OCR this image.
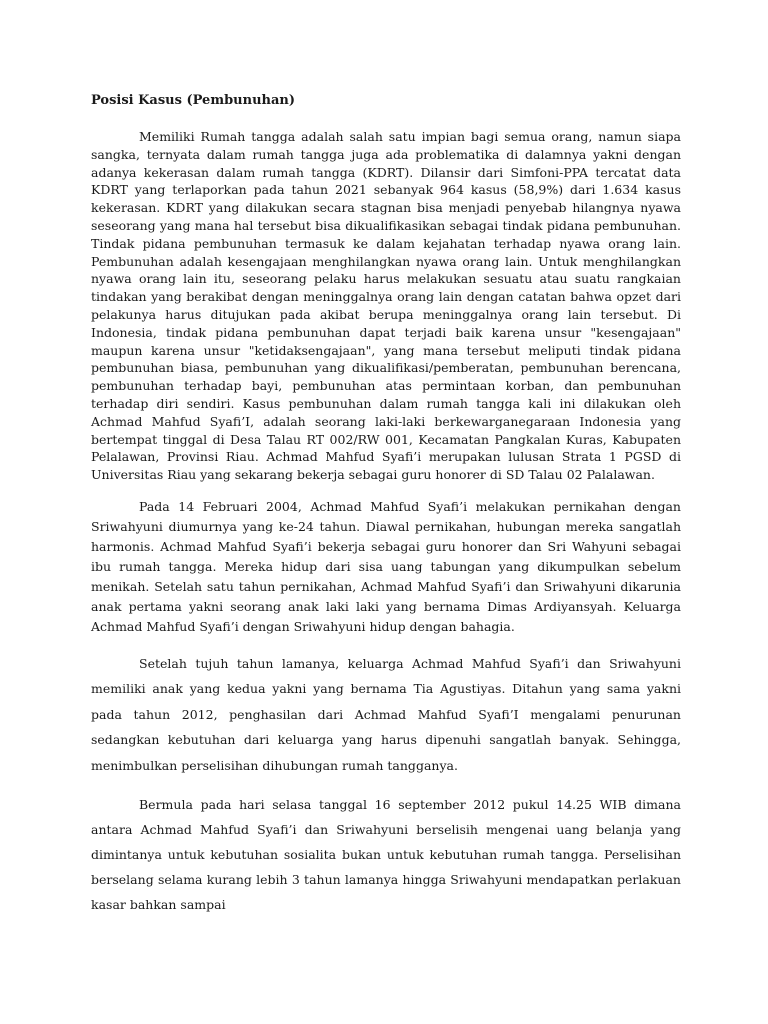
Posisi Kasus (Pembunuhan)

Memiliki Rumah tangga adalah salah satu impian bagi semua orang, namun siapa sangka, ternyata dalam rumah tangga juga ada problematika di dalamnya yakni dengan adanya kekerasan dalam rumah tangga (KDRT). Dilansir dari Simfoni-PPA tercatat data KDRT yang terlaporkan pada tahun 2021 sebanyak 964 kasus (58,9%) dari 1.634 kasus kekerasan. KDRT yang dilakukan secara stagnan bisa menjadi penyebab hilangnya nyawa seseorang yang mana hal tersebut bisa dikualifikasikan sebagai tindak pidana pembunuhan. Tindak pidana pembunuhan termasuk ke dalam kejahatan terhadap nyawa orang lain. Pembunuhan adalah kesengajaan menghilangkan nyawa orang lain. Untuk menghilangkan nyawa orang lain itu, seseorang pelaku harus melakukan sesuatu atau suatu rangkaian tindakan yang berakibat dengan meninggalnya orang lain dengan catatan bahwa opzet dari pelakunya harus ditujukan pada akibat berupa meninggalnya orang lain tersebut. Di Indonesia, tindak pidana pembunuhan dapat terjadi baik karena unsur "kesengajaan" maupun karena unsur "ketidaksengajaan", yang mana tersebut meliputi tindak pidana pembunuhan biasa, pembunuhan yang dikualifikasi/pemberatan, pembunuhan berencana, pembunuhan terhadap bayi, pembunuhan atas permintaan korban, dan pembunuhan terhadap diri sendiri. Kasus pembunuhan dalam rumah tangga kali ini dilakukan oleh Achmad Mahfud Syafi’I, adalah seorang laki-laki berkewarganegaraan Indonesia yang bertempat tinggal di Desa Talau RT 002/RW 001, Kecamatan Pangkalan Kuras, Kabupaten Pelalawan, Provinsi Riau. Achmad Mahfud Syafi’i merupakan lulusan Strata 1 PGSD di Universitas Riau yang sekarang bekerja sebagai guru honorer di SD Talau 02 Palalawan.

Pada 14 Februari 2004, Achmad Mahfud Syafi’i melakukan pernikahan dengan Sriwahyuni diumurnya yang ke-24 tahun. Diawal pernikahan, hubungan mereka sangatlah harmonis. Achmad Mahfud Syafi’i bekerja sebagai guru honorer dan Sri Wahyuni sebagai ibu rumah tangga. Mereka hidup dari sisa uang tabungan yang dikumpulkan sebelum menikah. Setelah satu tahun pernikahan, Achmad Mahfud Syafi’i dan Sriwahyuni dikarunia anak pertama yakni seorang anak laki laki yang bernama Dimas Ardiyansyah. Keluarga Achmad Mahfud Syafi’i dengan Sriwahyuni hidup dengan bahagia.

Setelah tujuh tahun lamanya, keluarga Achmad Mahfud Syafi’i dan Sriwahyuni memiliki anak yang kedua yakni yang bernama Tia Agustiyas. Ditahun yang sama yakni pada tahun 2012, penghasilan dari Achmad Mahfud Syafi’I mengalami penurunan sedangkan kebutuhan dari keluarga yang harus dipenuhi sangatlah banyak. Sehingga, menimbulkan perselisihan dihubungan rumah tangganya.

Bermula pada hari selasa tanggal 16 september 2012 pukul 14.25 WIB dimana antara Achmad Mahfud Syafi’i dan Sriwahyuni berselisih mengenai uang belanja yang dimintanya untuk kebutuhan sosialita bukan untuk kebutuhan rumah tangga. Perselisihan berselang selama kurang lebih 3 tahun lamanya hingga Sriwahyuni mendapatkan perlakuan kasar bahkan sampai
